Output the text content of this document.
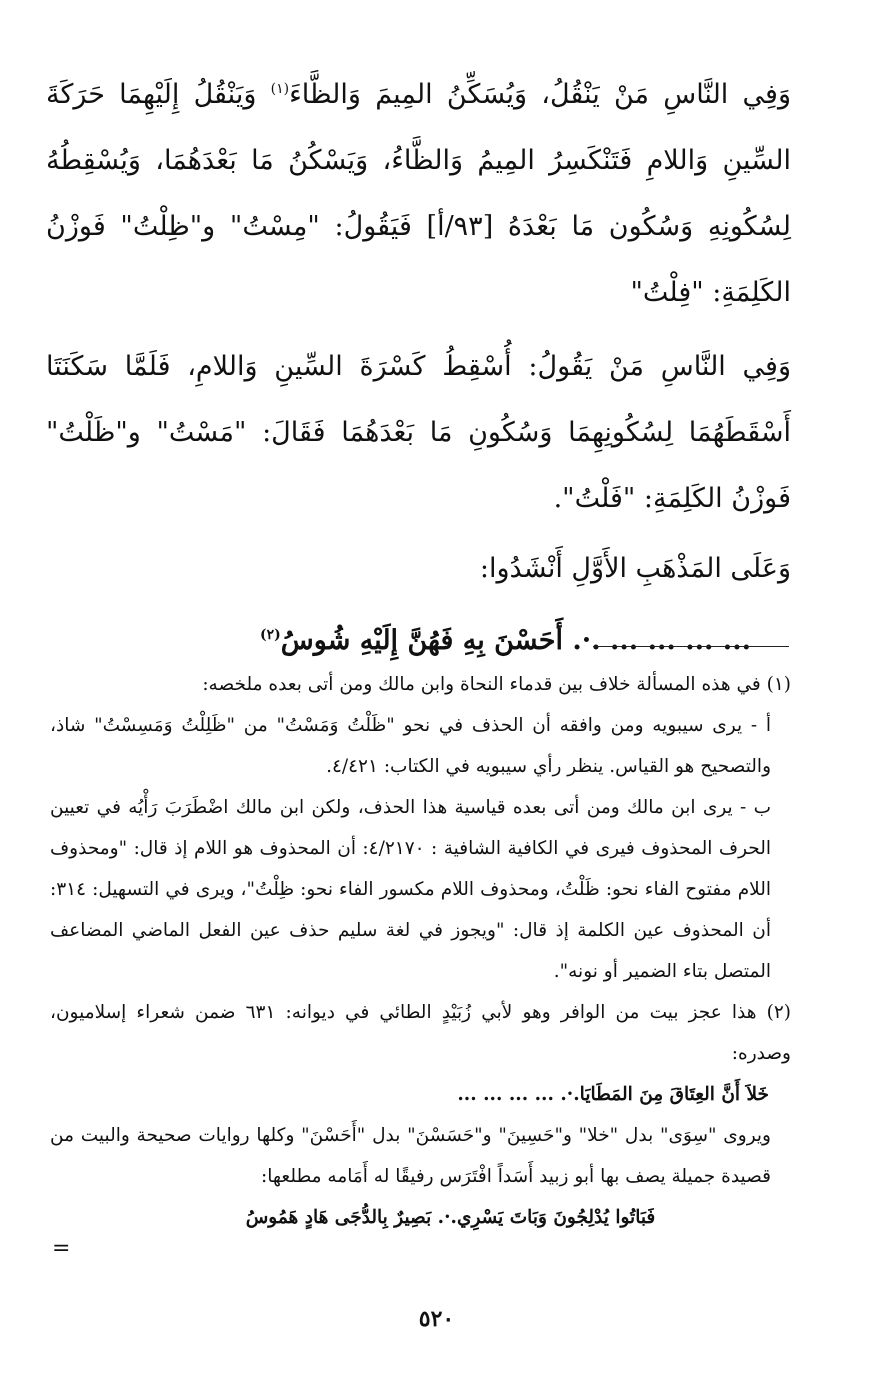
وَفِي النَّاسِ مَنْ يَنْقُلُ، وَيُسَكِّنُ المِيمَ وَالظَّاءَ$^{(١)}$ وَيَنْقُلُ إِلَيْهِمَا حَرَكَةَ السِّينِ وَاللامِ فَتَنْكَسِرُ المِيمُ وَالظَّاءُ، وَيَسْكُنُ مَا بَعْدَهُمَا، وَيُسْقِطُهُ لِسُكُونِهِ وَسُكُون مَا بَعْدَهُ [٩٣/أ] فَيَقُولُ: "مِسْتُ" و"ظِلْتُ" فَوزْنُ الكَلِمَةِ: "فِلْتُ"

وَفِي النَّاسِ مَنْ يَقُولُ: أُسْقِطُ كَسْرَةَ السِّينِ وَاللامِ، فَلَمَّا سَكَنَتَا أَسْقَطَهُمَا لِسُكُونِهِمَا وَسُكُونِ مَا بَعْدَهُمَا فَقَالَ: "مَسْتُ" و"ظَلْتُ" فَوزْنُ الكَلِمَةِ: "فَلْتُ".

وَعَلَى المَذْهَبِ الأَوَّلِ أَنْشَدُوا:

... ... ... ... .·. أَحَسْنَ بِهِ فَهُنَّ إِلَيْهِ شُوسُ$^{(٢)}$

(١) في هذه المسألة خلاف بين قدماء النحاة وابن مالك ومن أتى بعده ملخصه:

أ - يرى سيبويه ومن وافقه أن الحذف في نحو "ظَلْتُ وَمَسْتُ" من "ظَلِلْتُ وَمَسِسْتُ" شاذ، والتصحيح هو القياس. ينظر رأي سيبويه في الكتاب: ٤/٤٢١.

ب - يرى ابن مالك ومن أتى بعده قياسية هذا الحذف، ولكن ابن مالك اضْطَرَبَ رَأْيُه في تعيين الحرف المحذوف فيرى في الكافية الشافية : ٤/٢١٧٠: أن المحذوف هو اللام إذ قال: "ومحذوف اللام مفتوح الفاء نحو: ظَلْتُ، ومحذوف اللام مكسور الفاء نحو: ظِلْتُ"، ويرى في التسهيل: ٣١٤: أن المحذوف عين الكلمة إذ قال: "ويجوز في لغة سليم حذف عين الفعل الماضي المضاعف المتصل بتاء الضمير أو نونه".

(٢) هذا عجز بيت من الوافر وهو لأبي زُبَيْدٍ الطائي في ديوانه: ٦٣١ ضمن شعراء إسلاميون، وصدره:

خَلاَ أَنَّ العِتَاقَ مِنَ المَطَايَا.·. ... ... ... ...

ويروى "سِوَى" بدل "خلا" و"حَسِينَ" و"حَسَسْنَ" بدل "أَحَسْنَ" وكلها روايات صحيحة والبيت من قصيدة جميلة يصف بها أبو زبيد أَسَداً افْتَرَس رفيقًا له أَمَامه مطلعها:

فَبَاتُوا يُدْلِجُونَ وَبَاتَ يَسْرِي.·. بَصِيرٌ بِالدُّجَى هَادٍ هَمُوسُ

=
٥٢٠
